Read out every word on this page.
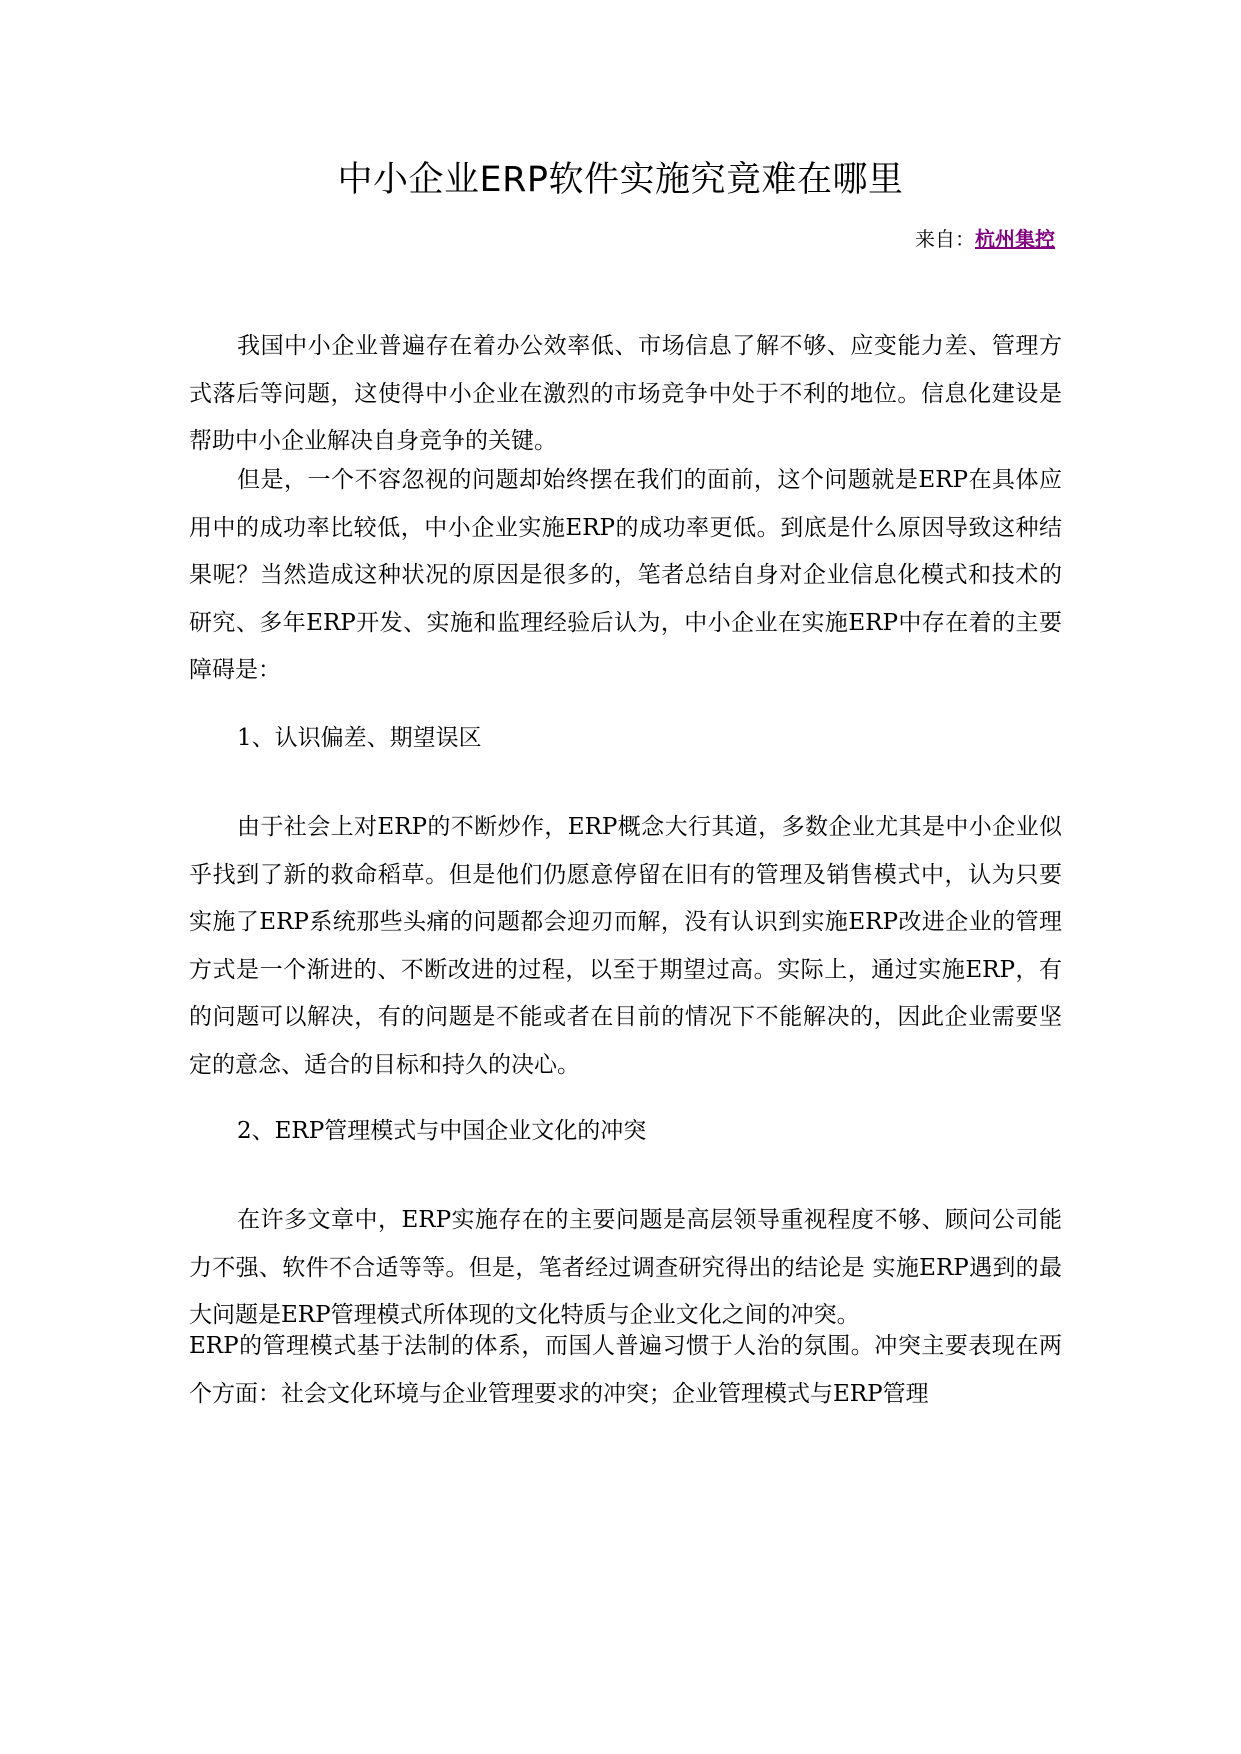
中小企业ERP软件实施究竟难在哪里
来自：杭州集控

我国中小企业普遍存在着办公效率低、市场信息了解不够、应变能力差、管理方式落后等问题，这使得中小企业在激烈的市场竞争中处于不利的地位。信息化建设是帮助中小企业解决自身竞争的关键。

但是，一个不容忽视的问题却始终摆在我们的面前，这个问题就是ERP在具体应用中的成功率比较低，中小企业实施ERP的成功率更低。到底是什么原因导致这种结果呢？当然造成这种状况的原因是很多的，笔者总结自身对企业信息化模式和技术的研究、多年ERP开发、实施和监理经验后认为，中小企业在实施ERP中存在着的主要障碍是：

1、认识偏差、期望误区

由于社会上对ERP的不断炒作，ERP概念大行其道，多数企业尤其是中小企业似乎找到了新的救命稻草。但是他们仍愿意停留在旧有的管理及销售模式中，认为只要实施了ERP系统那些头痛的问题都会迎刃而解，没有认识到实施ERP改进企业的管理方式是一个渐进的、不断改进的过程，以至于期望过高。实际上，通过实施ERP，有的问题可以解决，有的问题是不能或者在目前的情况下不能解决的，因此企业需要坚定的意念、适合的目标和持久的决心。

2、ERP管理模式与中国企业文化的冲突

在许多文章中，ERP实施存在的主要问题是高层领导重视程度不够、顾问公司能力不强、软件不合适等等。但是，笔者经过调查研究得出的结论是 实施ERP遇到的最大问题是ERP管理模式所体现的文化特质与企业文化之间的冲突。

ERP的管理模式基于法制的体系，而国人普遍习惯于人治的氛围。冲突主要表现在两个方面：社会文化环境与企业管理要求的冲突；企业管理模式与ERP管理
